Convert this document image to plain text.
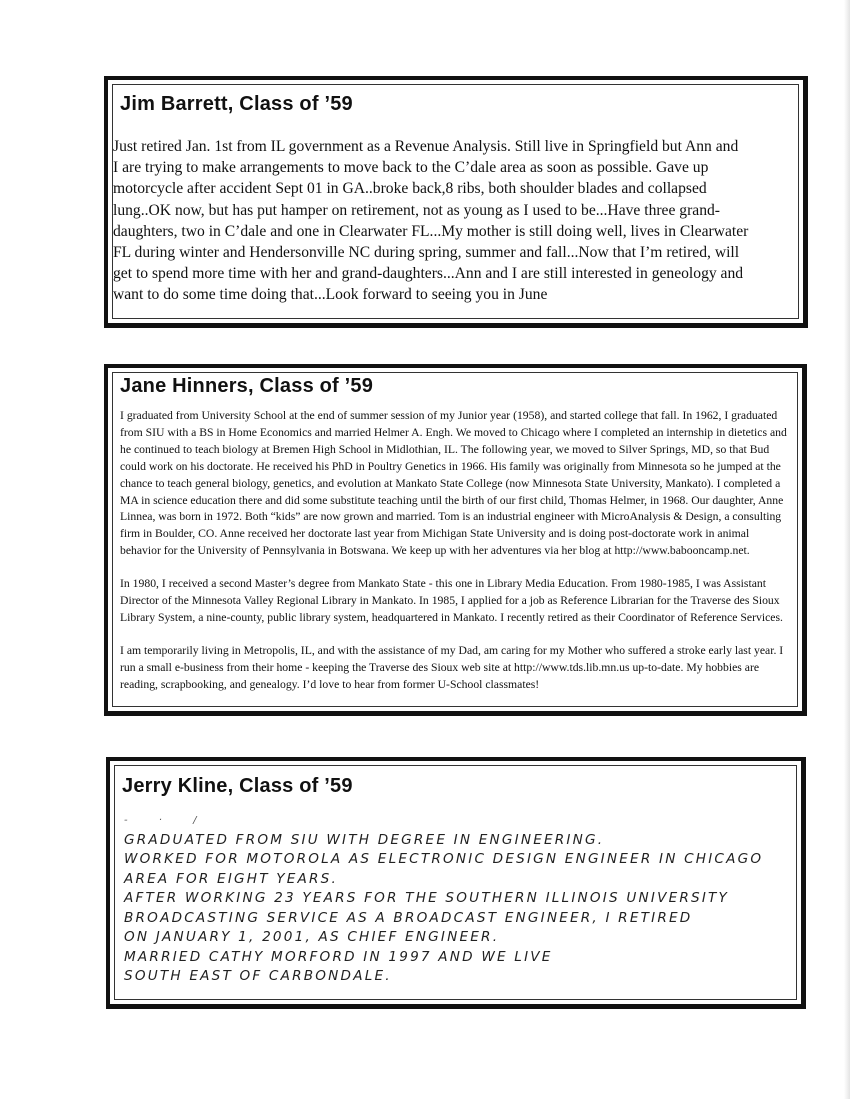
Jim Barrett, Class of ’59
Just retired Jan. 1st from IL government as a Revenue Analysis. Still live in Springfield but Ann and
I are trying to make arrangements to move back to the C’dale area as soon as possible. Gave up
motorcycle after accident Sept 01 in GA..broke back,8 ribs, both shoulder blades and collapsed
lung..OK now, but has put hamper on retirement, not as young as I used to be...Have three grand-
daughters, two in C’dale and one in Clearwater FL...My mother is still doing well, lives in Clearwater
FL during winter and Hendersonville NC during spring, summer and fall...Now that I’m retired, will
get to spend more time with her and grand-daughters...Ann and I are still interested in geneology and
want to do some time doing that...Look forward to seeing you in June
Jane Hinners, Class of ’59

I graduated from University School at the end of summer session of my Junior year (1958), and started college that fall. In 1962, I graduated from SIU with a BS in Home Economics and married Helmer A. Engh. We moved to Chicago where I completed an internship in dietetics and he continued to teach biology at Bremen High School in Midlothian, IL. The following year, we moved to Silver Springs, MD, so that Bud could work on his doctorate. He received his PhD in Poultry Genetics in 1966. His family was originally from Minnesota so he jumped at the chance to teach general biology, genetics, and evolution at Mankato State College (now Minnesota State University, Mankato). I completed a MA in science education there and did some substitute teaching until the birth of our first child, Thomas Helmer, in 1968. Our daughter, Anne Linnea, was born in 1972. Both “kids” are now grown and married. Tom is an industrial engineer with MicroAnalysis & Design, a consulting firm in Boulder, CO. Anne received her doctorate last year from Michigan State University and is doing post-doctorate work in animal behavior for the University of Pennsylvania in Botswana. We keep up with her adventures via her blog at http://www.babooncamp.net.

In 1980, I received a second Master’s degree from Mankato State - this one in Library Media Education. From 1980-1985, I was Assistant Director of the Minnesota Valley Regional Library in Mankato. In 1985, I applied for a job as Reference Librarian for the Traverse des Sioux Library System, a nine-county, public library system, headquartered in Mankato. I recently retired as their Coordinator of Reference Services.

I am temporarily living in Metropolis, IL, and with the assistance of my Dad, am caring for my Mother who suffered a stroke early last year. I run a small e-business from their home - keeping the Traverse des Sioux web site at http://www.tds.lib.mn.us up-to-date. My hobbies are reading, scrapbooking, and genealogy. I’d love to hear from former U-School classmates!

Jerry Kline, Class of ’59
- · /
GRADUATED FROM SIU WITH DEGREE IN ENGINEERING.
WORKED FOR MOTOROLA AS ELECTRONIC DESIGN ENGINEER IN CHICAGO
AREA FOR EIGHT YEARS.
AFTER WORKING 23 YEARS FOR THE SOUTHERN ILLINOIS UNIVERSITY
BROADCASTING SERVICE AS A BROADCAST ENGINEER, I RETIRED
ON JANUARY 1, 2001, AS CHIEF ENGINEER.
MARRIED CATHY MORFORD IN 1997 AND WE LIVE
SOUTH EAST OF CARBONDALE.
